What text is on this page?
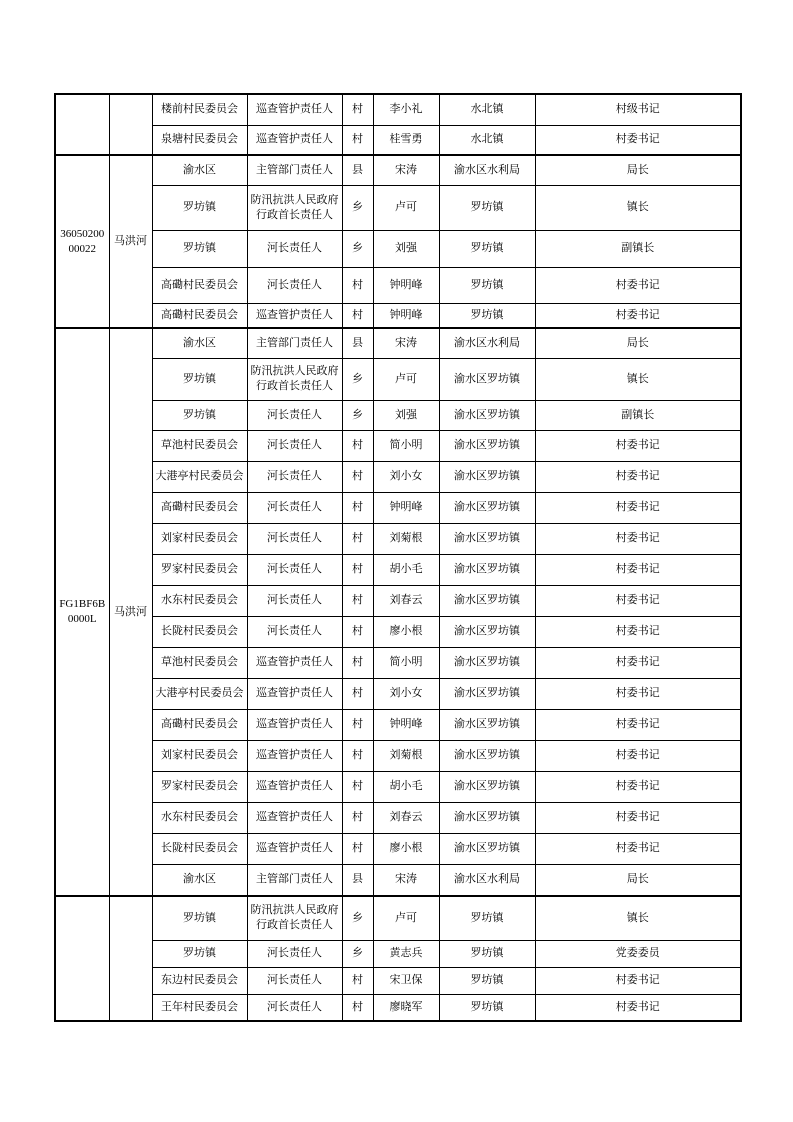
		楼前村民委员会	巡查管护责任人	村	李小礼	水北镇	村级书记
		泉塘村民委员会	巡查管护责任人	村	桂雪勇	水北镇	村委书记
3605020000022	马洪河	渝水区	主管部门责任人	县	宋涛	渝水区水利局	局长
		罗坊镇	防汛抗洪人民政府行政首长责任人	乡	卢可	罗坊镇	镇长
		罗坊镇	河长责任人	乡	刘强	罗坊镇	副镇长
		高磡村民委员会	河长责任人	村	钟明峰	罗坊镇	村委书记
		高磡村民委员会	巡查管护责任人	村	钟明峰	罗坊镇	村委书记
FG1BF6B0000L	马洪河	渝水区	主管部门责任人	县	宋涛	渝水区水利局	局长
		罗坊镇	防汛抗洪人民政府行政首长责任人	乡	卢可	渝水区罗坊镇	镇长
		罗坊镇	河长责任人	乡	刘强	渝水区罗坊镇	副镇长
		草池村民委员会	河长责任人	村	简小明	渝水区罗坊镇	村委书记
		大港亭村民委员会	河长责任人	村	刘小女	渝水区罗坊镇	村委书记
		高磡村民委员会	河长责任人	村	钟明峰	渝水区罗坊镇	村委书记
		刘家村民委员会	河长责任人	村	刘菊根	渝水区罗坊镇	村委书记
		罗家村民委员会	河长责任人	村	胡小毛	渝水区罗坊镇	村委书记
		水东村民委员会	河长责任人	村	刘春云	渝水区罗坊镇	村委书记
		长陇村民委员会	河长责任人	村	廖小根	渝水区罗坊镇	村委书记
		草池村民委员会	巡查管护责任人	村	简小明	渝水区罗坊镇	村委书记
		大港亭村民委员会	巡查管护责任人	村	刘小女	渝水区罗坊镇	村委书记
		高磡村民委员会	巡查管护责任人	村	钟明峰	渝水区罗坊镇	村委书记
		刘家村民委员会	巡查管护责任人	村	刘菊根	渝水区罗坊镇	村委书记
		罗家村民委员会	巡查管护责任人	村	胡小毛	渝水区罗坊镇	村委书记
		水东村民委员会	巡查管护责任人	村	刘春云	渝水区罗坊镇	村委书记
		长陇村民委员会	巡查管护责任人	村	廖小根	渝水区罗坊镇	村委书记
		渝水区	主管部门责任人	县	宋涛	渝水区水利局	局长
		罗坊镇	防汛抗洪人民政府行政首长责任人	乡	卢可	罗坊镇	镇长
		罗坊镇	河长责任人	乡	黄志兵	罗坊镇	党委委员
		东边村民委员会	河长责任人	村	宋卫保	罗坊镇	村委书记
		王年村民委员会	河长责任人	村	廖晓军	罗坊镇	村委书记
